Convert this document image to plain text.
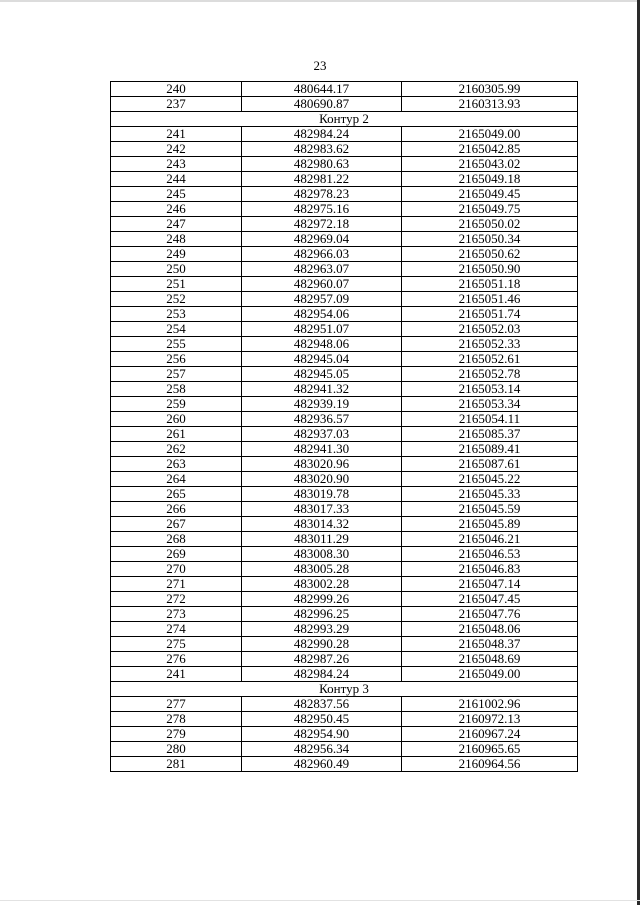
23
240	480644.17	2160305.99
237	480690.87	2160313.93
Контур 2		
241	482984.24	2165049.00
242	482983.62	2165042.85
243	482980.63	2165043.02
244	482981.22	2165049.18
245	482978.23	2165049.45
246	482975.16	2165049.75
247	482972.18	2165050.02
248	482969.04	2165050.34
249	482966.03	2165050.62
250	482963.07	2165050.90
251	482960.07	2165051.18
252	482957.09	2165051.46
253	482954.06	2165051.74
254	482951.07	2165052.03
255	482948.06	2165052.33
256	482945.04	2165052.61
257	482945.05	2165052.78
258	482941.32	2165053.14
259	482939.19	2165053.34
260	482936.57	2165054.11
261	482937.03	2165085.37
262	482941.30	2165089.41
263	483020.96	2165087.61
264	483020.90	2165045.22
265	483019.78	2165045.33
266	483017.33	2165045.59
267	483014.32	2165045.89
268	483011.29	2165046.21
269	483008.30	2165046.53
270	483005.28	2165046.83
271	483002.28	2165047.14
272	482999.26	2165047.45
273	482996.25	2165047.76
274	482993.29	2165048.06
275	482990.28	2165048.37
276	482987.26	2165048.69
241	482984.24	2165049.00
Контур 3		
277	482837.56	2161002.96
278	482950.45	2160972.13
279	482954.90	2160967.24
280	482956.34	2160965.65
281	482960.49	2160964.56
